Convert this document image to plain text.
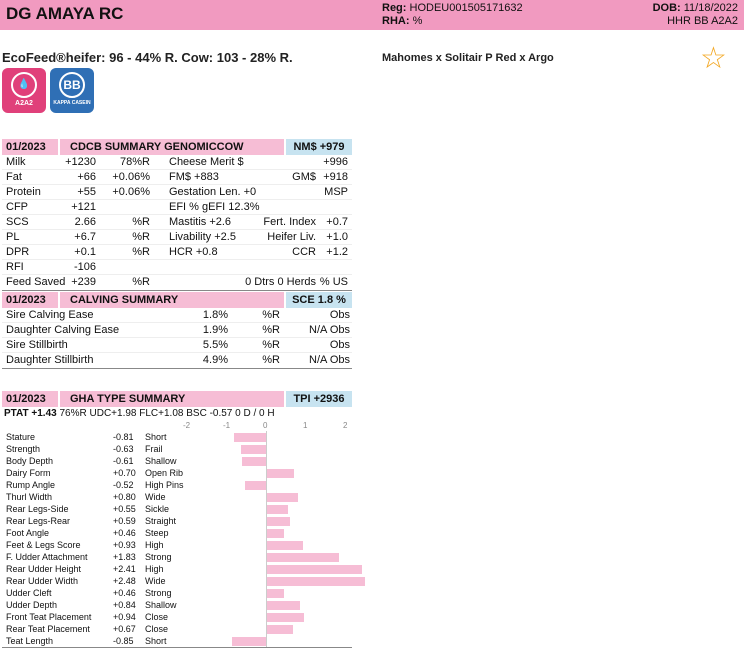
DG AMAYA RC	Reg: HODEU001505171632
RHA: %
DOB: 11/18/2022
HHR BB A2A2
EcoFeed®heifer: 96 - 44% R. Cow: 103 - 28% R.	Mahomes x Solitair P Red x Argo	☆
💧
A2A2
BB
KAPPA CASEIN
01/2023	CDCB SUMMARY GENOMICCOW	NM$ +979
Milk	+1230 78%R Cheese Merit $	+996
Fat	+66 +0.06% FM$ +883	GM$ +918
Protein	+55 +0.06% Gestation Len. +0	MSP
CFP	+121	EFI % gEFI 12.3%
SCS	2.66	%R Mastitis +2.6	Fert. Index +0.7
PL	+6.7	%R Livability +2.5	Heifer Liv. +1.0
DPR	+0.1	%R HCR +0.8	CCR +1.2
RFI	-106
Feed Saved +239	%R	0 Dtrs 0 Herds % US
01/2023	CALVING SUMMARY	SCE 1.8 %
Sire Calving Ease	1.8%	%R	Obs
Daughter Calving Ease	1.9%	%R	N/A Obs
Sire Stillbirth	5.5%	%R	Obs
Daughter Stillbirth	4.9%	%R	N/A Obs
01/2023	GHA TYPE SUMMARY	TPI +2936
PTAT +1.43 76%R UDC+1.98 FLC+1.08 BSC -0.57 0 D / 0 H
-2	-1	0	1	2
Stature	-0.81 Short
Strength	-0.63 Frail
Body Depth	-0.61 Shallow
Dairy Form	+0.70 Open Rib
Rump Angle	-0.52 High Pins
Thurl Width	+0.80 Wide
Rear Legs-Side	+0.55 Sickle
Rear Legs-Rear	+0.59 Straight
Foot Angle	+0.46 Steep
Feet & Legs Score	+0.93 High
F. Udder Attachment	+1.83 Strong
Rear Udder Height	+2.41 High
Rear Udder Width	+2.48 Wide
Udder Cleft	+0.46 Strong
Udder Depth	+0.84 Shallow
Front Teat Placement +0.94 Close
Rear Teat Placement	+0.67 Close
Teat Length	-0.85 Short
